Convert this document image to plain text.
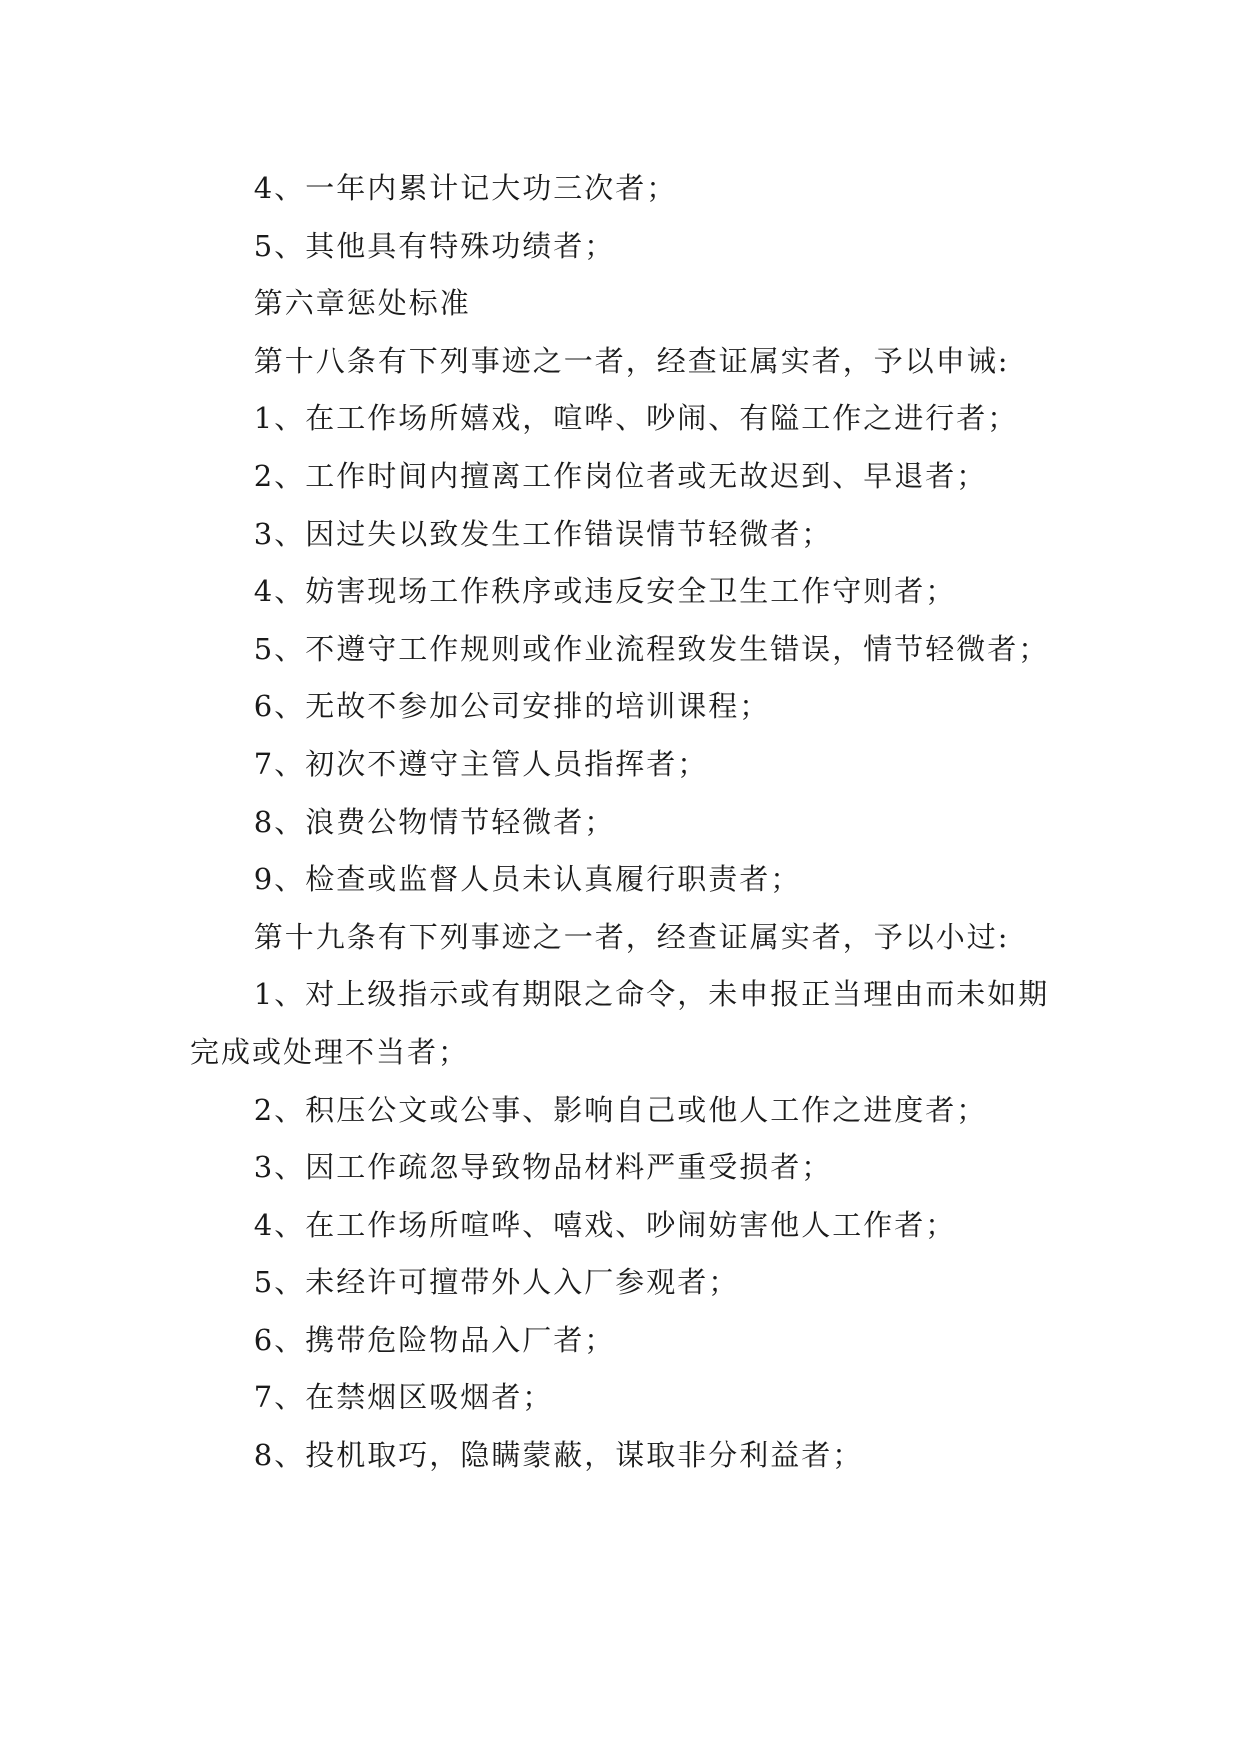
4、一年内累计记大功三次者；

5、其他具有特殊功绩者；

第六章惩处标准

第十八条有下列事迹之一者，经查证属实者，予以申诫:

1、在工作场所嬉戏，喧哗、吵闹、有隘工作之进行者；

2、工作时间内擅离工作岗位者或无故迟到、早退者；

3、因过失以致发生工作错误情节轻微者；

4、妨害现场工作秩序或违反安全卫生工作守则者；

5、不遵守工作规则或作业流程致发生错误，情节轻微者；

6、无故不参加公司安排的培训课程；

7、初次不遵守主管人员指挥者；

8、浪费公物情节轻微者；

9、检查或监督人员未认真履行职责者；

第十九条有下列事迹之一者，经查证属实者，予以小过:

1、对上级指示或有期限之命令，未申报正当理由而未如期完成或处理不当者；

2、积压公文或公事、影响自己或他人工作之进度者；

3、因工作疏忽导致物品材料严重受损者；

4、在工作场所喧哗、嘻戏、吵闹妨害他人工作者；

5、未经许可擅带外人入厂参观者；

6、携带危险物品入厂者；

7、在禁烟区吸烟者；

8、投机取巧，隐瞒蒙蔽，谋取非分利益者；
